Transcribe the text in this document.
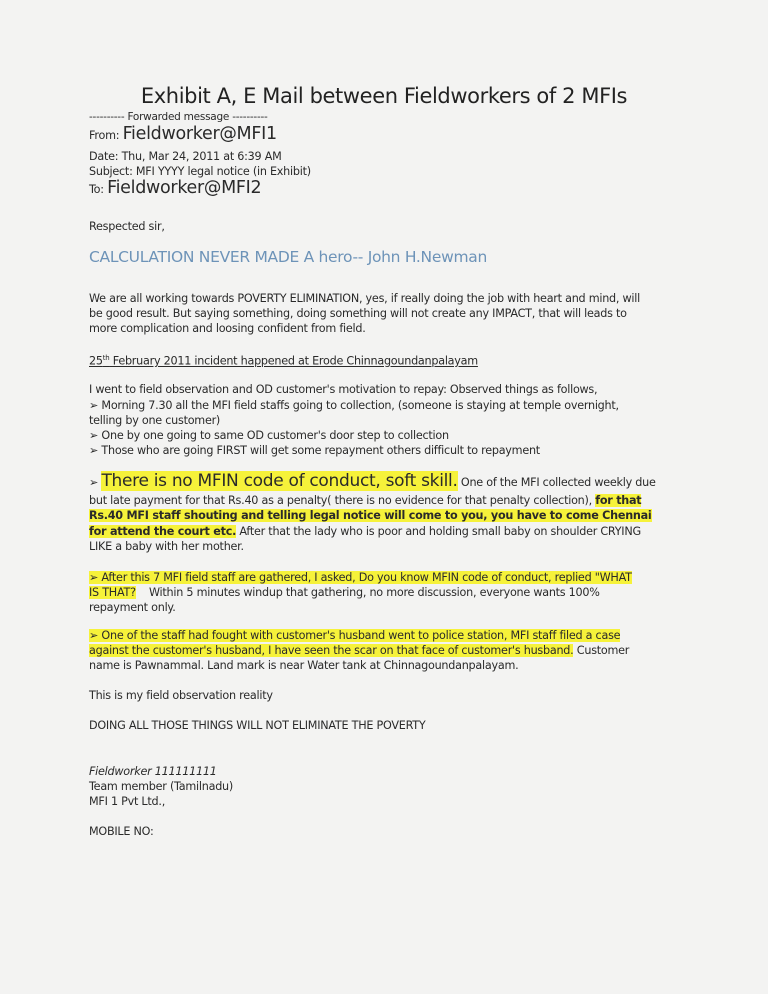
Exhibit A, E Mail between Fieldworkers of 2 MFIs
---------- Forwarded message ----------
From: Fieldworker@MFI1
Date: Thu, Mar 24, 2011 at 6:39 AM
Subject: MFI YYYY legal notice (in Exhibit)
To: Fieldworker@MFI2
Respected sir,
CALCULATION NEVER MADE A hero-- John H.Newman
We are all working towards POVERTY ELIMINATION, yes, if really doing the job with heart and mind, will
be good result. But saying something, doing something will not create any IMPACT, that will leads to
more complication and loosing confident from field.
25th February 2011 incident happened at Erode Chinnagoundanpalayam
I went to field observation and OD customer's motivation to repay: Observed things as follows,
➢ Morning 7.30 all the MFI field staffs going to collection, (someone is staying at temple overnight,
telling by one customer)
➢ One by one going to same OD customer's door step to collection
➢ Those who are going FIRST will get some repayment others difficult to repayment
➢ There is no MFIN code of conduct, soft skill. One of the MFI collected weekly due
but late payment for that Rs.40 as a penalty( there is no evidence for that penalty collection), for that
Rs.40 MFI staff shouting and telling legal notice will come to you, you have to come Chennai
for attend the court etc. After that the lady who is poor and holding small baby on shoulder CRYING
LIKE a baby with her mother.
➢ After this 7 MFI field staff are gathered, I asked, Do you know MFIN code of conduct, replied "WHAT
IS THAT?    Within 5 minutes windup that gathering, no more discussion, everyone wants 100%
repayment only.
➢ One of the staff had fought with customer's husband went to police station, MFI staff filed a case
against the customer's husband, I have seen the scar on that face of customer's husband. Customer
name is Pawnammal. Land mark is near Water tank at Chinnagoundanpalayam.
This is my field observation reality
DOING ALL THOSE THINGS WILL NOT ELIMINATE THE POVERTY
Fieldworker 111111111
Team member (Tamilnadu)
MFI 1 Pvt Ltd.,
MOBILE NO:
